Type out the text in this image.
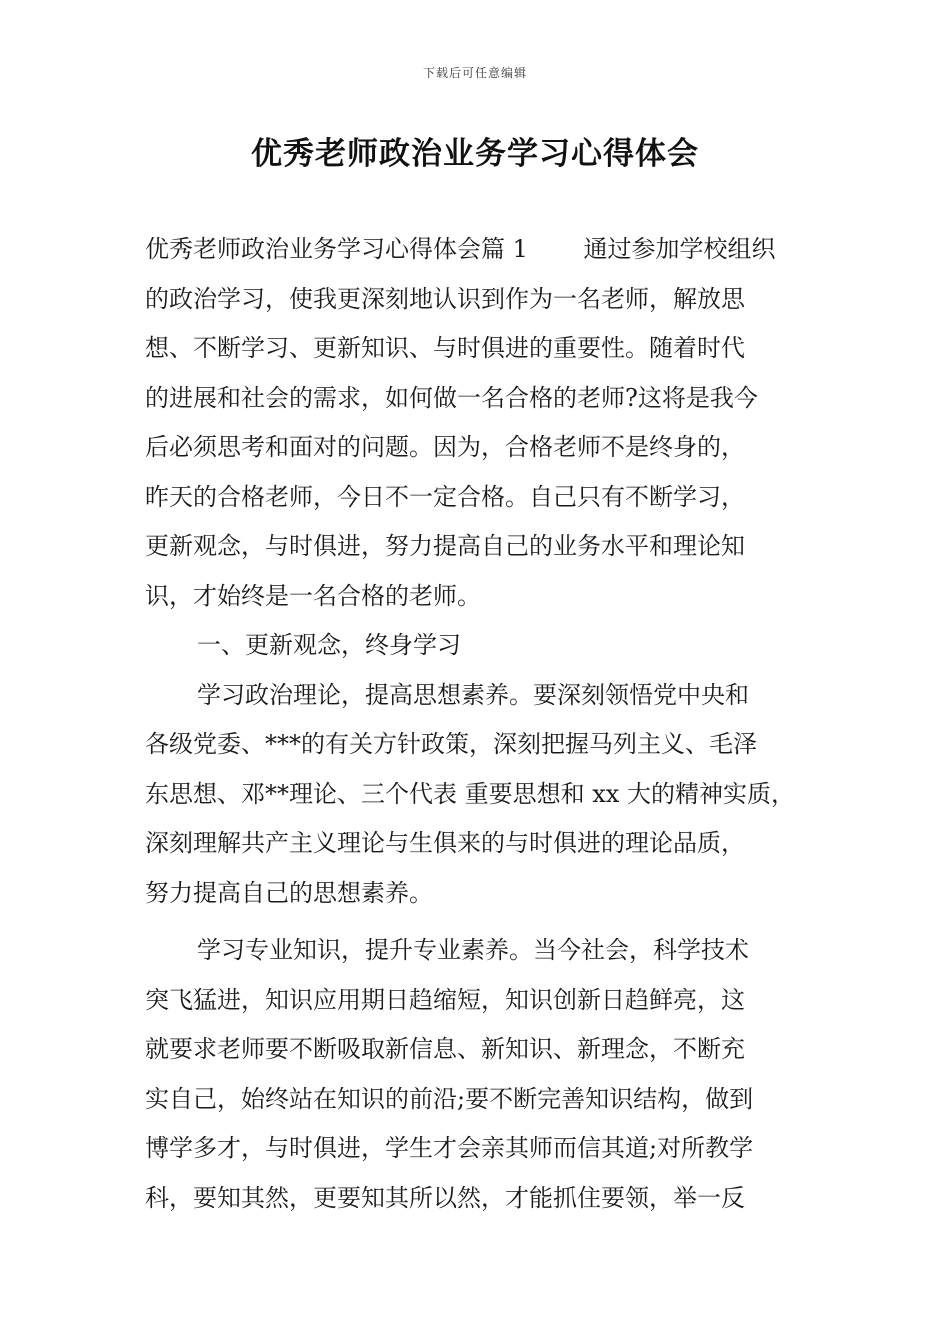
下载后可任意编辑
优秀老师政治业务学习心得体会
优秀老师政治业务学习心得体会篇 1　　 通过参加学校组织
的政治学习，使我更深刻地认识到作为一名老师，解放思
想、不断学习、更新知识、与时俱进的重要性。随着时代
的进展和社会的需求，如何做一名合格的老师?这将是我今
后必须思考和面对的问题。因为，合格老师不是终身的，
昨天的合格老师，今日不一定合格。自己只有不断学习，
更新观念，与时俱进，努力提高自己的业务水平和理论知
识，才始终是一名合格的老师。
一、更新观念，终身学习
学习政治理论，提高思想素养。要深刻领悟党中央和
各级党委、***的有关方针政策，深刻把握马列主义、毛泽
东思想、邓**理论、三个代表 重要思想和 xx 大的精神实质，
深刻理解共产主义理论与生俱来的与时俱进的理论品质，
努力提高自己的思想素养。
学习专业知识，提升专业素养。当今社会，科学技术
突飞猛进，知识应用期日趋缩短，知识创新日趋鲜亮，这
就要求老师要不断吸取新信息、新知识、新理念，不断充
实自己，始终站在知识的前沿;要不断完善知识结构，做到
博学多才，与时俱进，学生才会亲其师而信其道;对所教学
科，要知其然，更要知其所以然，才能抓住要领，举一反
